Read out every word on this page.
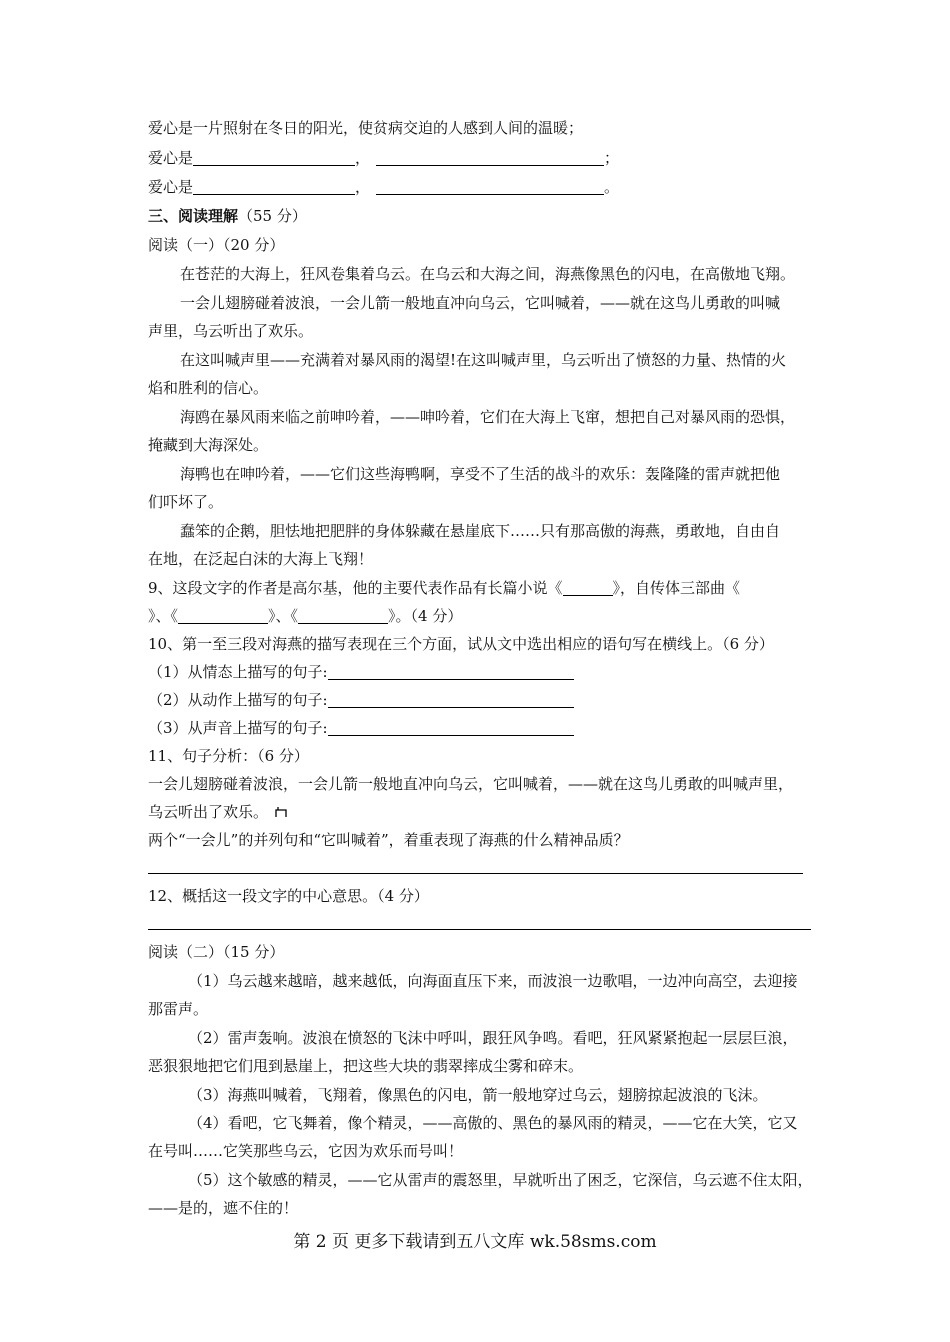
爱心是一片照射在冬日的阳光，使贫病交迫的人感到人间的温暖；
爱心是	，	；
爱心是	，	。
三、阅读理解（55 分）
阅读（一）（20 分）
在苍茫的大海上，狂风卷集着乌云。在乌云和大海之间，海燕像黑色的闪电，在高傲地飞翔。
一会儿翅膀碰着波浪，一会儿箭一般地直冲向乌云，它叫喊着，——就在这鸟儿勇敢的叫喊
声里，乌云听出了欢乐。
在这叫喊声里——充满着对暴风雨的渴望!在这叫喊声里，乌云听出了愤怒的力量、热情的火
焰和胜利的信心。
海鸥在暴风雨来临之前呻吟着，——呻吟着，它们在大海上飞窜，想把自己对暴风雨的恐惧，
掩藏到大海深处。
海鸭也在呻吟着，——它们这些海鸭啊，享受不了生活的战斗的欢乐：轰隆隆的雷声就把他
们吓坏了。
蠢笨的企鹅，胆怯地把肥胖的身体躲藏在悬崖底下……只有那高傲的海燕，勇敢地，自由自
在地，在泛起白沫的大海上飞翔！
9、这段文字的作者是高尔基，他的主要代表作品有长篇小说《	》，自传体三部曲《
》、《	》、《	》。（4 分）
10、第一至三段对海燕的描写表现在三个方面，试从文中选出相应的语句写在横线上。（6 分）
（1）从情态上描写的句子:
（2）从动作上描写的句子:
（3）从声音上描写的句子:
11、句子分析：（6 分）
一会儿翅膀碰着波浪，一会儿箭一般地直冲向乌云，它叫喊着，——就在这鸟儿勇敢的叫喊声里，
乌云听出了欢乐。
两个“一会儿”的并列句和“它叫喊着”，着重表现了海燕的什么精神品质？
12、概括这一段文字的中心意思。（4 分）
阅读（二）（15 分）
（1）乌云越来越暗，越来越低，向海面直压下来，而波浪一边歌唱，一边冲向高空，去迎接
那雷声。
（2）雷声轰响。波浪在愤怒的飞沫中呼叫，跟狂风争鸣。看吧，狂风紧紧抱起一层层巨浪，
恶狠狠地把它们甩到悬崖上，把这些大块的翡翠摔成尘雾和碎末。
（3）海燕叫喊着，飞翔着，像黑色的闪电，箭一般地穿过乌云，翅膀掠起波浪的飞沫。
（4）看吧，它飞舞着，像个精灵，——高傲的、黑色的暴风雨的精灵，——它在大笑，它又
在号叫……它笑那些乌云，它因为欢乐而号叫！
（5）这个敏感的精灵，——它从雷声的震怒里，早就听出了困乏，它深信，乌云遮不住太阳，
——是的，遮不住的！
第 2 页 更多下载请到五八文库 wk.58sms.com
